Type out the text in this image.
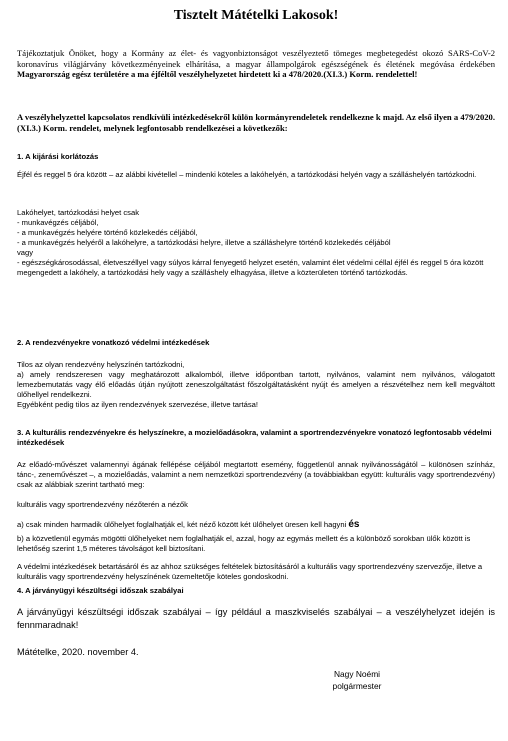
Tisztelt Mátételki Lakosok!
Tájékoztatjuk Önöket, hogy a Kormány az élet- és vagyonbiztonságot veszélyeztető tömeges megbetegedést okozó SARS-CoV-2 koronavírus világjárvány következményeinek elhárítása, a magyar állampolgárok egészségének és életének megóvása érdekében Magyarország egész területére a ma éjféltől veszélyhelyzetet hirdetett ki a 478/2020.(XI.3.) Korm. rendelettel!
A veszélyhelyzettel kapcsolatos rendkívüli intézkedésekről külön kormányrendeletek rendelkezne k majd. Az első ilyen a 479/2020.(XI.3.) Korm. rendelet, melynek legfontosabb rendelkezései a következők:
1. A kijárási korlátozás
Éjfél és reggel 5 óra között – az alábbi kivétellel – mindenki köteles a lakóhelyén, a tartózkodási helyén vagy a szálláshelyén tartózkodni.

Lakóhelyet, tartózkodási helyet csak

- munkavégzés céljából,

- a munkavégzés helyére történő közlekedés céljából,

- a munkavégzés helyéről a lakóhelyre, a tartózkodási helyre, illetve a szálláshelyre történő közlekedés céljából

vagy

- egészségkárosodással, életveszéllyel vagy súlyos kárral fenyegető helyzet esetén, valamint élet védelmi céllal éjfél és reggel 5 óra között megengedett a lakóhely, a tartózkodási hely vagy a szálláshely elhagyása, illetve a közterületen történő tartózkodás.

2. A rendezvényekre vonatkozó védelmi intézkedések

Tilos az olyan rendezvény helyszínén tartózkodni,

a) amely rendszeresen vagy meghatározott alkalomból, illetve időpontban tartott, nyilvános, valamint nem nyilvános, válogatott lemezbemutatás vagy élő előadás útján nyújtott zeneszolgáltatást főszolgáltatásként nyújt és amelyen a részvételhez nem kell megváltott ülőhellyel rendelkezni.

Egyébként pedig tilos az ilyen rendezvények szervezése, illetve tartása!

3. A kulturális rendezvényekre és helyszínekre, a mozielőadásokra, valamint a sportrendezvényekre vonatozó legfontosabb védelmi intézkedések
Az előadó-művészet valamennyi ágának fellépése céljából megtartott esemény, függetlenül annak nyilvánosságától – különösen színház, tánc-, zeneművészet –, a mozielőadás, valamint a nem nemzetközi sportrendezvény (a továbbiakban együtt: kulturális vagy sportrendezvény) csak az alábbiak szerint tartható meg:
kulturális vagy sportrendezvény nézőterén a nézők
a) csak minden harmadik ülőhelyet foglalhatják el, két néző között két ülőhelyet üresen kell hagyni és
b) a közvetlenül egymás mögötti ülőhelyeket nem foglalhatják el, azzal, hogy az egymás mellett és a különböző sorokban ülők között is lehetőség szerint 1,5 méteres távolságot kell biztosítani.
A védelmi intézkedések betartásáról és az ahhoz szükséges feltételek biztosításáról a kulturális vagy sportrendezvény szervezője, illetve a kulturális vagy sportrendezvény helyszínének üzemeltetője köteles gondoskodni.
4. A járványügyi készültségi időszak szabályai
A járványügyi készültségi időszak szabályai – így például a maszkviselés szabályai – a veszélyhelyzet idején is fennmaradnak!
Mátételke, 2020. november 4.

Nagy Noémi

polgármester
